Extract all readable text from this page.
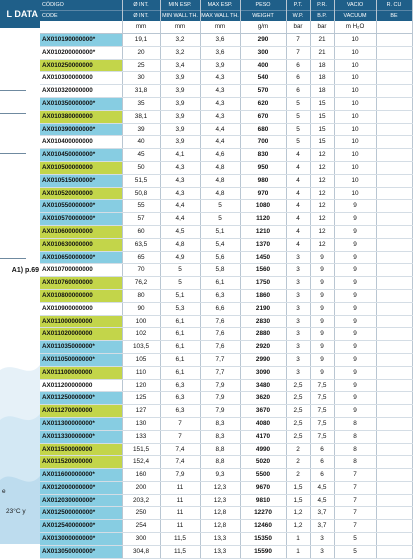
L DATA
A1) p.69
e
23°C y
CÓDIGO	Ø INT.	MIN ESP.	MAX ESP.	PESO	P.T.	P.R.	VACIO	R. CU
CODE	Ø INT.	MIN WALL TH.	MAX WALL TH.	WEIGHT	W.P.	B.P.	VACUUM	BE
	mm	mm	mm	g/m	bar	bar	m H₂O	
AX010190000000*	19,1	3,2	3,6	290	7	21	10	
AX010200000000*	20	3,2	3,6	300	7	21	10	
AX010250000000	25	3,4	3,9	400	6	18	10	
AX010300000000	30	3,9	4,3	540	6	18	10	
AX010320000000	31,8	3,9	4,3	570	6	18	10	
AX010350000000*	35	3,9	4,3	620	5	15	10	
AX010380000000	38,1	3,9	4,3	670	5	15	10	
AX010390000000*	39	3,9	4,4	680	5	15	10	
AX010400000000	40	3,9	4,4	700	5	15	10	
AX010450000000*	45	4,1	4,6	830	4	12	10	
AX010500000000	50	4,3	4,8	950	4	12	10	
AX010515000000*	51,5	4,3	4,8	980	4	12	10	
AX010520000000	50,8	4,3	4,8	970	4	12	10	
AX010550000000*	55	4,4	5	1080	4	12	9	
AX010570000000*	57	4,4	5	1120	4	12	9	
AX010600000000	60	4,5	5,1	1210	4	12	9	
AX010630000000	63,5	4,8	5,4	1370	4	12	9	
AX010650000000*	65	4,9	5,6	1450	3	9	9	
AX010700000000	70	5	5,8	1560	3	9	9	
AX010760000000	76,2	5	6,1	1750	3	9	9	
AX010800000000	80	5,1	6,3	1860	3	9	9	
AX010900000000	90	5,3	6,6	2190	3	9	9	
AX011000000000	100	6,1	7,6	2830	3	9	9	
AX011020000000	102	6,1	7,6	2880	3	9	9	
AX011035000000*	103,5	6,1	7,6	2920	3	9	9	
AX011050000000*	105	6,1	7,7	2990	3	9	9	
AX011100000000	110	6,1	7,7	3090	3	9	9	
AX011200000000	120	6,3	7,9	3480	2,5	7,5	9	
AX011250000000*	125	6,3	7,9	3620	2,5	7,5	9	
AX011270000000	127	6,3	7,9	3670	2,5	7,5	9	
AX011300000000*	130	7	8,3	4080	2,5	7,5	8	
AX011330000000*	133	7	8,3	4170	2,5	7,5	8	
AX011500000000	151,5	7,4	8,8	4990	2	6	8	
AX011520000000	152,4	7,4	8,8	5020	2	6	8	
AX011600000000*	160	7,9	9,3	5500	2	6	7	
AX012000000000*	200	11	12,3	9670	1,5	4,5	7	
AX012030000000*	203,2	11	12,3	9810	1,5	4,5	7	
AX012500000000*	250	11	12,8	12270	1,2	3,7	7	
AX012540000000*	254	11	12,8	12460	1,2	3,7	7	
AX013000000000*	300	11,5	13,3	15350	1	3	5	
AX013050000000*	304,8	11,5	13,3	15590	1	3	5	
